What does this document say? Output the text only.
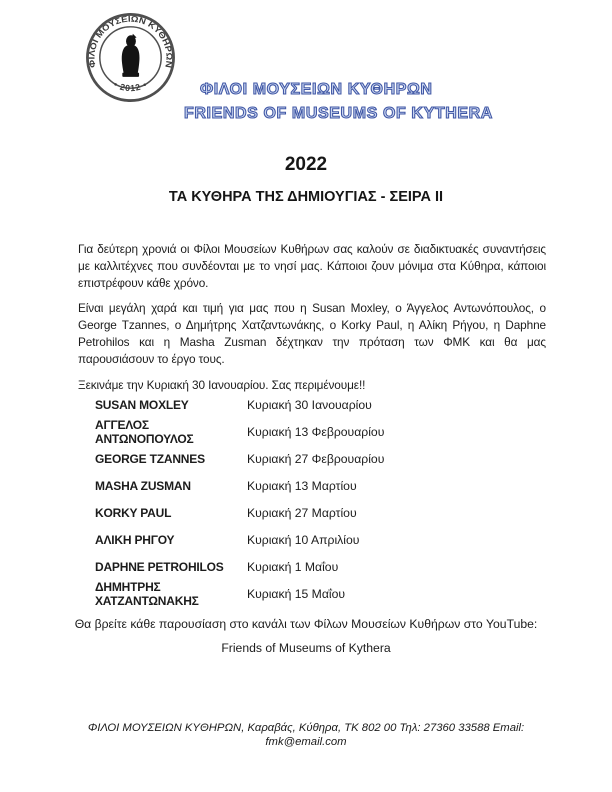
ΦΙΛΟΙ ΜΟΥΣΕΙΩΝ ΚΥΘΗΡΩΝ
• 2012 •	ΦΙΛΟΙ ΜΟΥΣΕΙΩΝ ΚΥΘΗΡΩΝ
FRIENDS OF MUSEUMS OF KYTHERA
2022
ΤΑ ΚΥΘΗΡΑ ΤΗΣ ΔΗΜΙΟΥΓΙΑΣ - ΣΕΙΡΑ II

Για δεύτερη χρονιά οι Φίλοι Μουσείων Κυθήρων σας καλούν σε διαδικτυακές συναντήσεις με καλλιτέχνες που συνδέονται με το νησί μας. Κάποιοι ζουν μόνιμα στα Κύθηρα, κάποιοι επιστρέφουν κάθε χρόνο.

Είναι μεγάλη χαρά και τιμή για μας που η Susan Moxley, ο Άγγελος Αντωνόπουλος, ο George Tzannes, ο Δημήτρης Χατζαντωνάκης, ο Korky Paul, η Αλίκη Ρήγου, η Daphne Petrohilos και η Masha Zusman δέχτηκαν την πρόταση των ΦΜΚ και θα μας παρουσιάσουν το έργο τους.

Ξεκινάμε την Κυριακή 30 Ιανουαρίου. Σας περιμένουμε!!

SUSAN MOXLEY	Κυριακή 30 Ιανουαρίου
ΑΓΓΕΛΟΣ ΑΝΤΩΝΟΠΟΥΛΟΣ	Κυριακή 13 Φεβρουαρίου
GEORGE TZANNES	Κυριακή 27 Φεβρουαρίου
MASHA ZUSMAN	Κυριακή 13 Μαρτίου
KORKY PAUL	Κυριακή 27 Μαρτίου
ΑΛΙΚΗ ΡΗΓΟΥ	Κυριακή 10 Απριλίου
DAPHNE PETROHILOS	Κυριακή 1 Μαΐου
ΔΗΜΗΤΡΗΣ ΧΑΤΖΑΝΤΩΝΑΚΗΣ	Κυριακή 15 Μαΐου
Θα βρείτε κάθε παρουσίαση στο κανάλι των Φίλων Μουσείων Κυθήρων στο YouTube:
Friends of Museums of Kythera
ΦΙΛΟΙ ΜΟΥΣΕΙΩΝ ΚΥΘΗΡΩΝ, Καραβάς, Κύθηρα, ΤΚ 802 00 Τηλ: 27360 33588 Email:
fmk@email.com
